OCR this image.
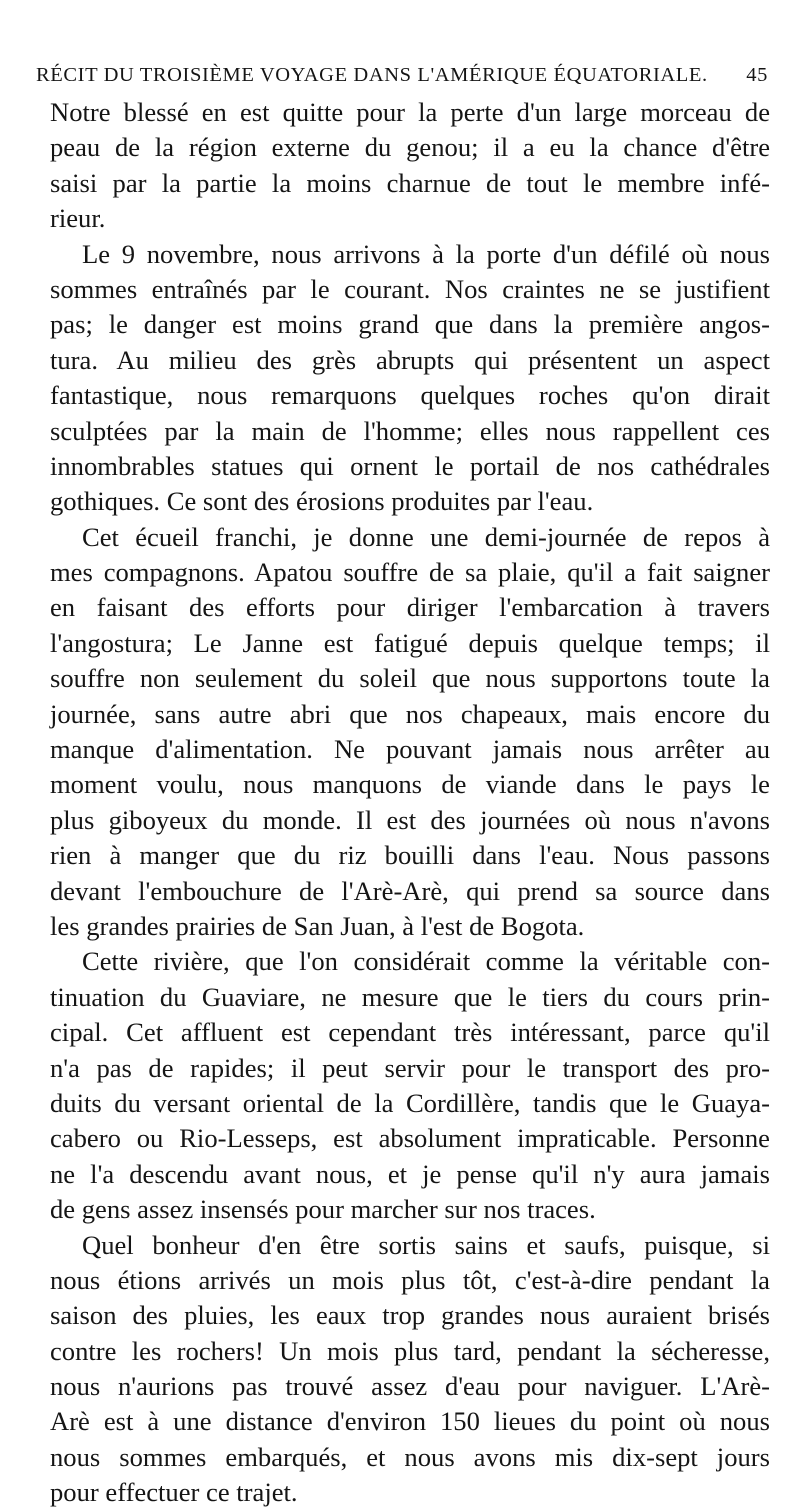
RÉCIT DU TROISIÈME VOYAGE DANS L'AMÉRIQUE ÉQUATORIALE. 45
Notre blessé en est quitte pour la perte d'un large morceau de
peau de la région externe du genou; il a eu la chance d'être
saisi par la partie la moins charnue de tout le membre infé-
rieur.
Le 9 novembre, nous arrivons à la porte d'un défilé où nous
sommes entraînés par le courant. Nos craintes ne se justifient
pas; le danger est moins grand que dans la première angos-
tura. Au milieu des grès abrupts qui présentent un aspect
fantastique, nous remarquons quelques roches qu'on dirait
sculptées par la main de l'homme; elles nous rappellent ces
innombrables statues qui ornent le portail de nos cathédrales
gothiques. Ce sont des érosions produites par l'eau.
Cet écueil franchi, je donne une demi-journée de repos à
mes compagnons. Apatou souffre de sa plaie, qu'il a fait saigner
en faisant des efforts pour diriger l'embarcation à travers
l'angostura; Le Janne est fatigué depuis quelque temps; il
souffre non seulement du soleil que nous supportons toute la
journée, sans autre abri que nos chapeaux, mais encore du
manque d'alimentation. Ne pouvant jamais nous arrêter au
moment voulu, nous manquons de viande dans le pays le
plus giboyeux du monde. Il est des journées où nous n'avons
rien à manger que du riz bouilli dans l'eau. Nous passons
devant l'embouchure de l'Arè-Arè, qui prend sa source dans
les grandes prairies de San Juan, à l'est de Bogota.
Cette rivière, que l'on considérait comme la véritable con-
tinuation du Guaviare, ne mesure que le tiers du cours prin-
cipal. Cet affluent est cependant très intéressant, parce qu'il
n'a pas de rapides; il peut servir pour le transport des pro-
duits du versant oriental de la Cordillère, tandis que le Guaya-
cabero ou Rio-Lesseps, est absolument impraticable. Personne
ne l'a descendu avant nous, et je pense qu'il n'y aura jamais
de gens assez insensés pour marcher sur nos traces.
Quel bonheur d'en être sortis sains et saufs, puisque, si
nous étions arrivés un mois plus tôt, c'est-à-dire pendant la
saison des pluies, les eaux trop grandes nous auraient brisés
contre les rochers! Un mois plus tard, pendant la sécheresse,
nous n'aurions pas trouvé assez d'eau pour naviguer. L'Arè-
Arè est à une distance d'environ 150 lieues du point où nous
nous sommes embarqués, et nous avons mis dix-sept jours
pour effectuer ce trajet.
